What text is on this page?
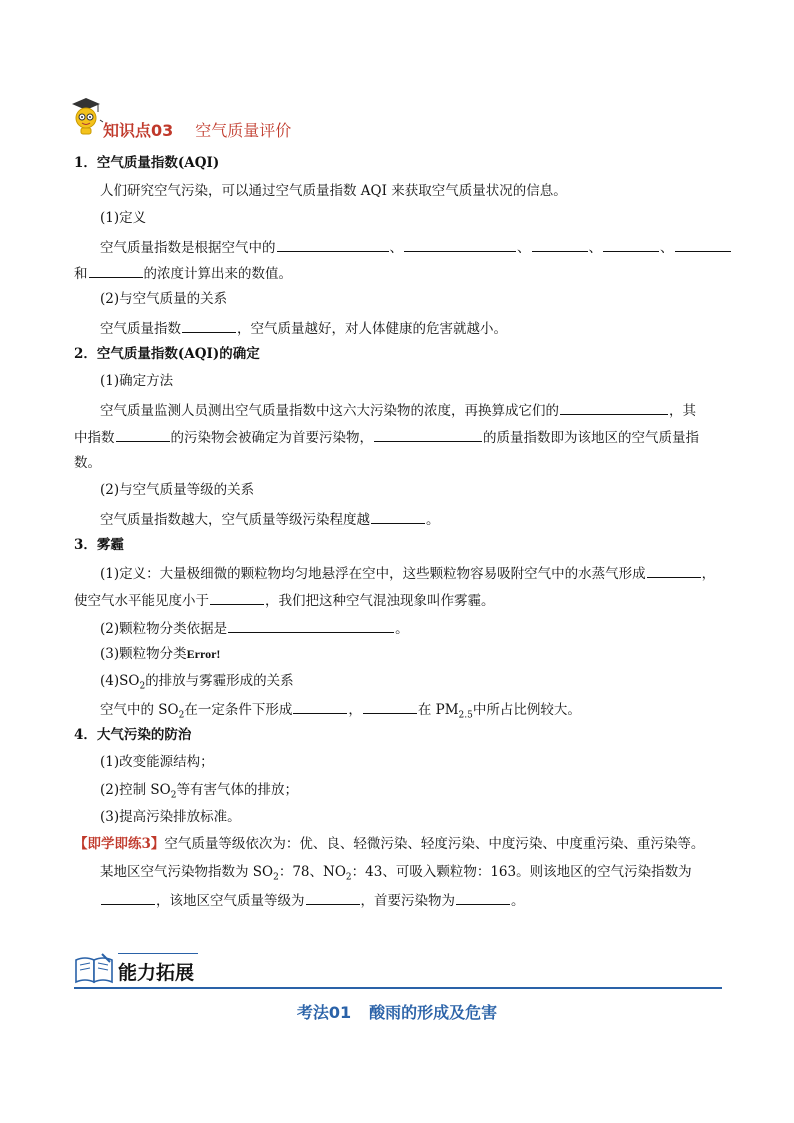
知识点03 空气质量评价
1．空气质量指数(AQI)
人们研究空气污染，可以通过空气质量指数 AQI 来获取空气质量状况的信息。
(1)定义
空气质量指数是根据空气中的	、	、	、	、
和	的浓度计算出来的数值。
(2)与空气质量的关系
空气质量指数	，空气质量越好，对人体健康的危害就越小。
2．空气质量指数(AQI)的确定
(1)确定方法
空气质量监测人员测出空气质量指数中这六大污染物的浓度，再换算成它们的	，其
中指数	的污染物会被确定为首要污染物，	的质量指数即为该地区的空气质量指
数。
(2)与空气质量等级的关系
空气质量指数越大，空气质量等级污染程度越	。
3．雾霾
(1)定义：大量极细微的颗粒物均匀地悬浮在空中，这些颗粒物容易吸附空气中的水蒸气形成	，
使空气水平能见度小于	，我们把这种空气混浊现象叫作雾霾。
(2)颗粒物分类依据是	。
(3)颗粒物分类Error!
$(4)SO_2$的排放与雾霾形成的关系
空气中的 $SO_2$在一定条件下形成	，	在 $PM_{2.5}$中所占比例较大。
4．大气污染的防治
(1)改变能源结构；
(2)控制 $SO_2$等有害气体的排放；
(3)提高污染排放标准。
【即学即练3】空气质量等级依次为：优、良、轻微污染、轻度污染、中度污染、中度重污染、重污染等。
某地区空气污染物指数为 $SO_2$：78、$NO_2$：43、可吸入颗粒物：163。则该地区的空气污染指数为
，该地区空气质量等级为	，首要污染物为	。
能力拓展
考法01 酸雨的形成及危害
